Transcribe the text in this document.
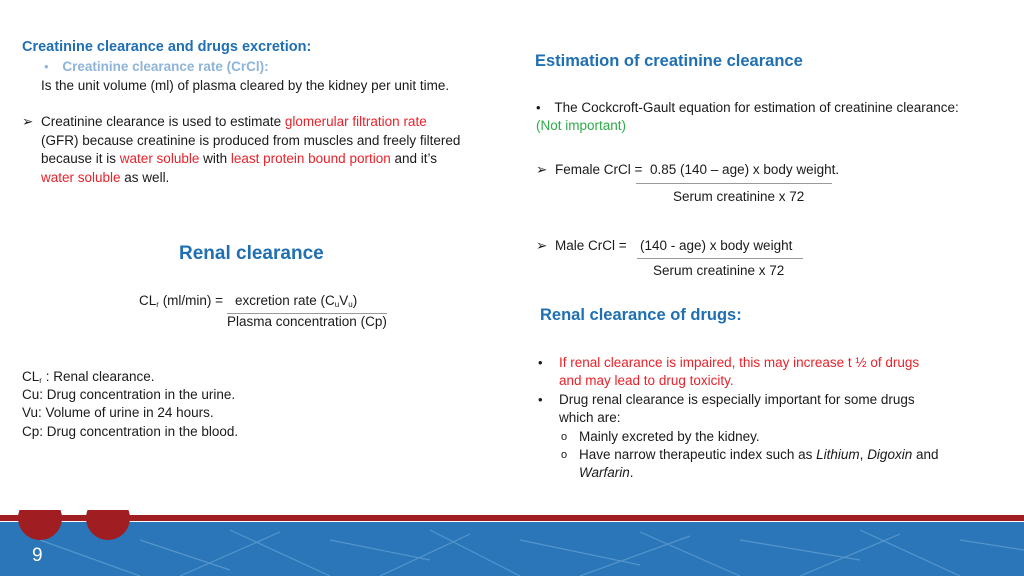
Creatinine clearance and drugs excretion:
• Creatinine clearance rate (CrCl):
Is the unit volume (ml) of plasma cleared by the kidney per unit time.
➢ Creatinine clearance is used to estimate glomerular filtration rate
(GFR) because creatinine is produced from muscles and freely filtered
because it is water soluble with least protein bound portion and it’s
water soluble as well.
Renal clearance
$CL_r$ (ml/min) = excretion rate $(C_uV_u)$
Plasma concentration (Cp)
$CL_r$ : Renal clearance.
Cu: Drug concentration in the urine.
Vu: Volume of urine in 24 hours.
Cp: Drug concentration in the blood.
Estimation of creatinine clearance
• The Cockcroft-Gault equation for estimation of creatinine clearance:
(Not important)
➢ Female CrCl = 0.85 (140 – age) x body weight.
Serum creatinine x 72
➢ Male CrCl = (140 - age) x body weight
Serum creatinine x 72
Renal clearance of drugs:
• If renal clearance is impaired, this may increase t ½ of drugs
and may lead to drug toxicity.
• Drug renal clearance is especially important for some drugs
which are:
o Mainly excreted by the kidney.
o Have narrow therapeutic index such as Lithium, Digoxin and
Warfarin.
9
